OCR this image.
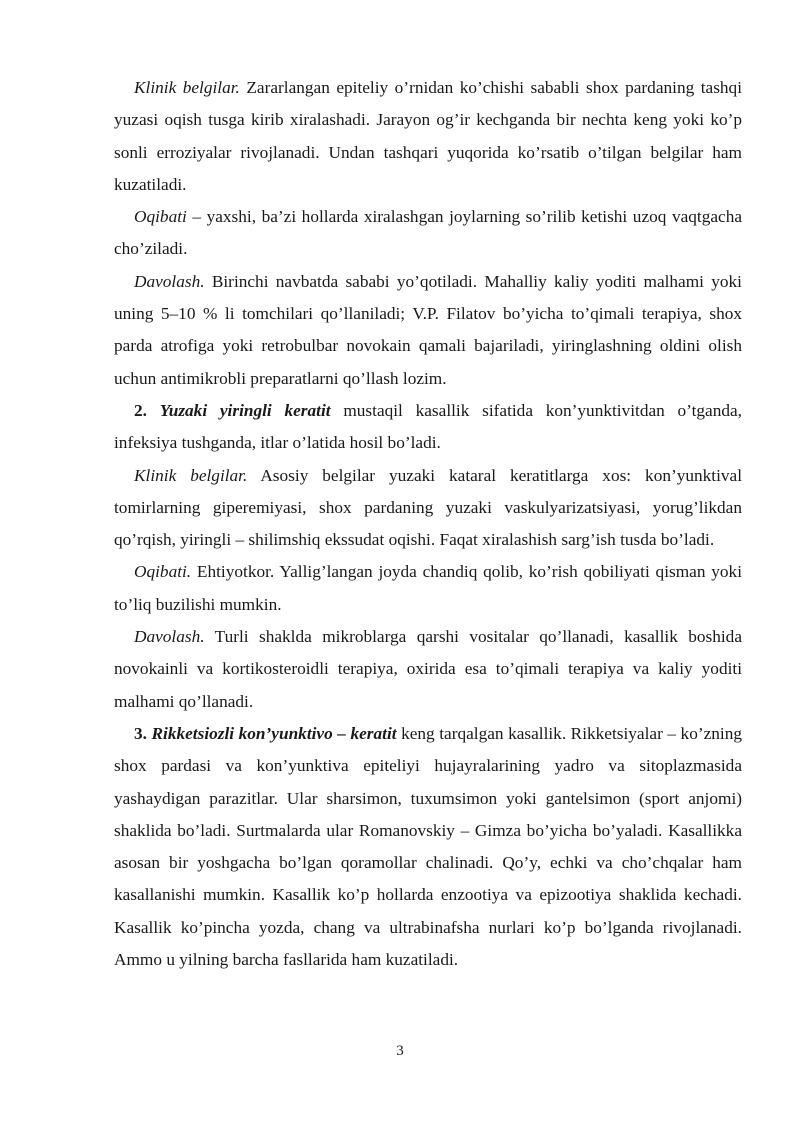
Klinik belgilar. Zararlangan epiteliy o’rnidan ko’chishi sababli shox pardaning tashqi yuzasi oqish tusga kirib xiralashadi. Jarayon og’ir kechganda bir nechta keng yoki ko’p sonli erroziyalar rivojlanadi. Undan tashqari yuqorida ko’rsatib o’tilgan belgilar ham kuzatiladi.

Oqibati – yaxshi, ba’zi hollarda xiralashgan joylarning so’rilib ketishi uzoq vaqtgacha cho’ziladi.

Davolash. Birinchi navbatda sababi yo’qotiladi. Mahalliy kaliy yoditi malhami yoki uning 5–10 % li tomchilari qo’llaniladi; V.P. Filatov bo’yicha to’qimali terapiya, shox parda atrofiga yoki retrobulbar novokain qamali bajariladi, yiringlashning oldini olish uchun antimikrobli preparatlarni qo’llash lozim.

2. Yuzaki yiringli keratit mustaqil kasallik sifatida kon’yunktivitdan o’tganda, infeksiya tushganda, itlar o’latida hosil bo’ladi.

Klinik belgilar. Asosiy belgilar yuzaki kataral keratitlarga xos: kon’yunktival tomirlarning giperemiyasi, shox pardaning yuzaki vaskulyarizatsiyasi, yorug’likdan qo’rqish, yiringli – shilimshiq ekssudat oqishi. Faqat xiralashish sarg’ish tusda bo’ladi.

Oqibati. Ehtiyotkor. Yallig’langan joyda chandiq qolib, ko’rish qobiliyati qisman yoki to’liq buzilishi mumkin.

Davolash. Turli shaklda mikroblarga qarshi vositalar qo’llanadi, kasallik boshida novokainli va kortikosteroidli terapiya, oxirida esa to’qimali terapiya va kaliy yoditi malhami qo’llanadi.

3. Rikketsiozli kon’yunktivo – keratit keng tarqalgan kasallik. Rikketsiyalar – ko’zning shox pardasi va kon’yunktiva epiteliyi hujayralarining yadro va sitoplazmasida yashaydigan parazitlar. Ular sharsimon, tuxumsimon yoki gantelsimon (sport anjomi) shaklida bo’ladi. Surtmalarda ular Romanovskiy – Gimza bo’yicha bo’yaladi. Kasallikka asosan bir yoshgacha bo’lgan qoramollar chalinadi. Qo’y, echki va cho’chqalar ham kasallanishi mumkin. Kasallik ko’p hollarda enzootiya va epizootiya shaklida kechadi. Kasallik ko’pincha yozda, chang va ultrabinafsha nurlari ko’p bo’lganda rivojlanadi. Ammo u yilning barcha fasllarida ham kuzatiladi.

3
